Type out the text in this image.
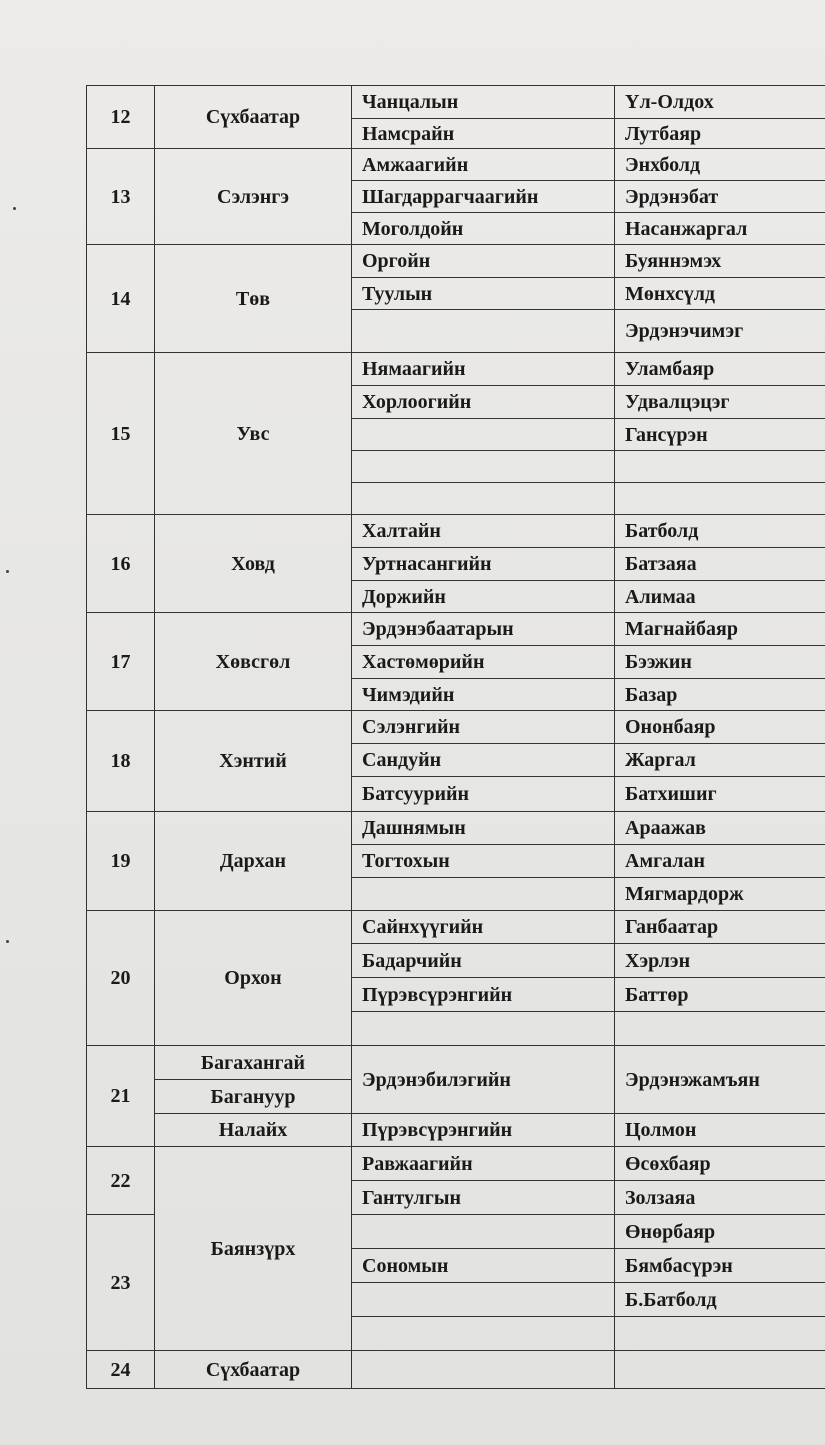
12	Сүхбаатар	Чанцалын	Үл-Олдох
		Намсрайн	Лутбаяр
13	Сэлэнгэ	Амжаагийн	Энхболд
		Шагдаррагчаагийн	Эрдэнэбат
		Моголдойн	Насанжаргал
14	Төв	Оргойн	Буяннэмэх
		Туулын	Мөнхсүлд
			Эрдэнэчимэг
15	Увс	Нямаагийн	Уламбаяр
		Хорлоогийн	Удвалцэцэг
			Гансүрэн

16	Ховд	Халтайн	Батболд
		Уртнасангийн	Батзаяа
		Доржийн	Алимаа
17	Хөвсгөл	Эрдэнэбаатарын	Магнайбаяр
		Хастөмөрийн	Бээжин
		Чимэдийн	Базар
18	Хэнтий	Сэлэнгийн	Ононбаяр
		Сандуйн	Жаргал
		Батсуурийн	Батхишиг
19	Дархан	Дашнямын	Араажав
		Тогтохын	Амгалан
			Мягмардорж
20	Орхон	Сайнхүүгийн	Ганбаатар
		Бадарчийн	Хэрлэн
		Пүрэвсүрэнгийн	Баттөр

21	Багахангай	Эрдэнэбилэгийн	Эрдэнэжамъян
	Багануур		
	Налайх	Пүрэвсүрэнгийн	Цолмон
22	Баянзүрх	Равжаагийн	Өсөхбаяр
		Гантулгын	Золзаяа
23			Өнөрбаяр
		Сономын	Бямбасүрэн
			Б.Батболд

24	Сүхбаатар		
